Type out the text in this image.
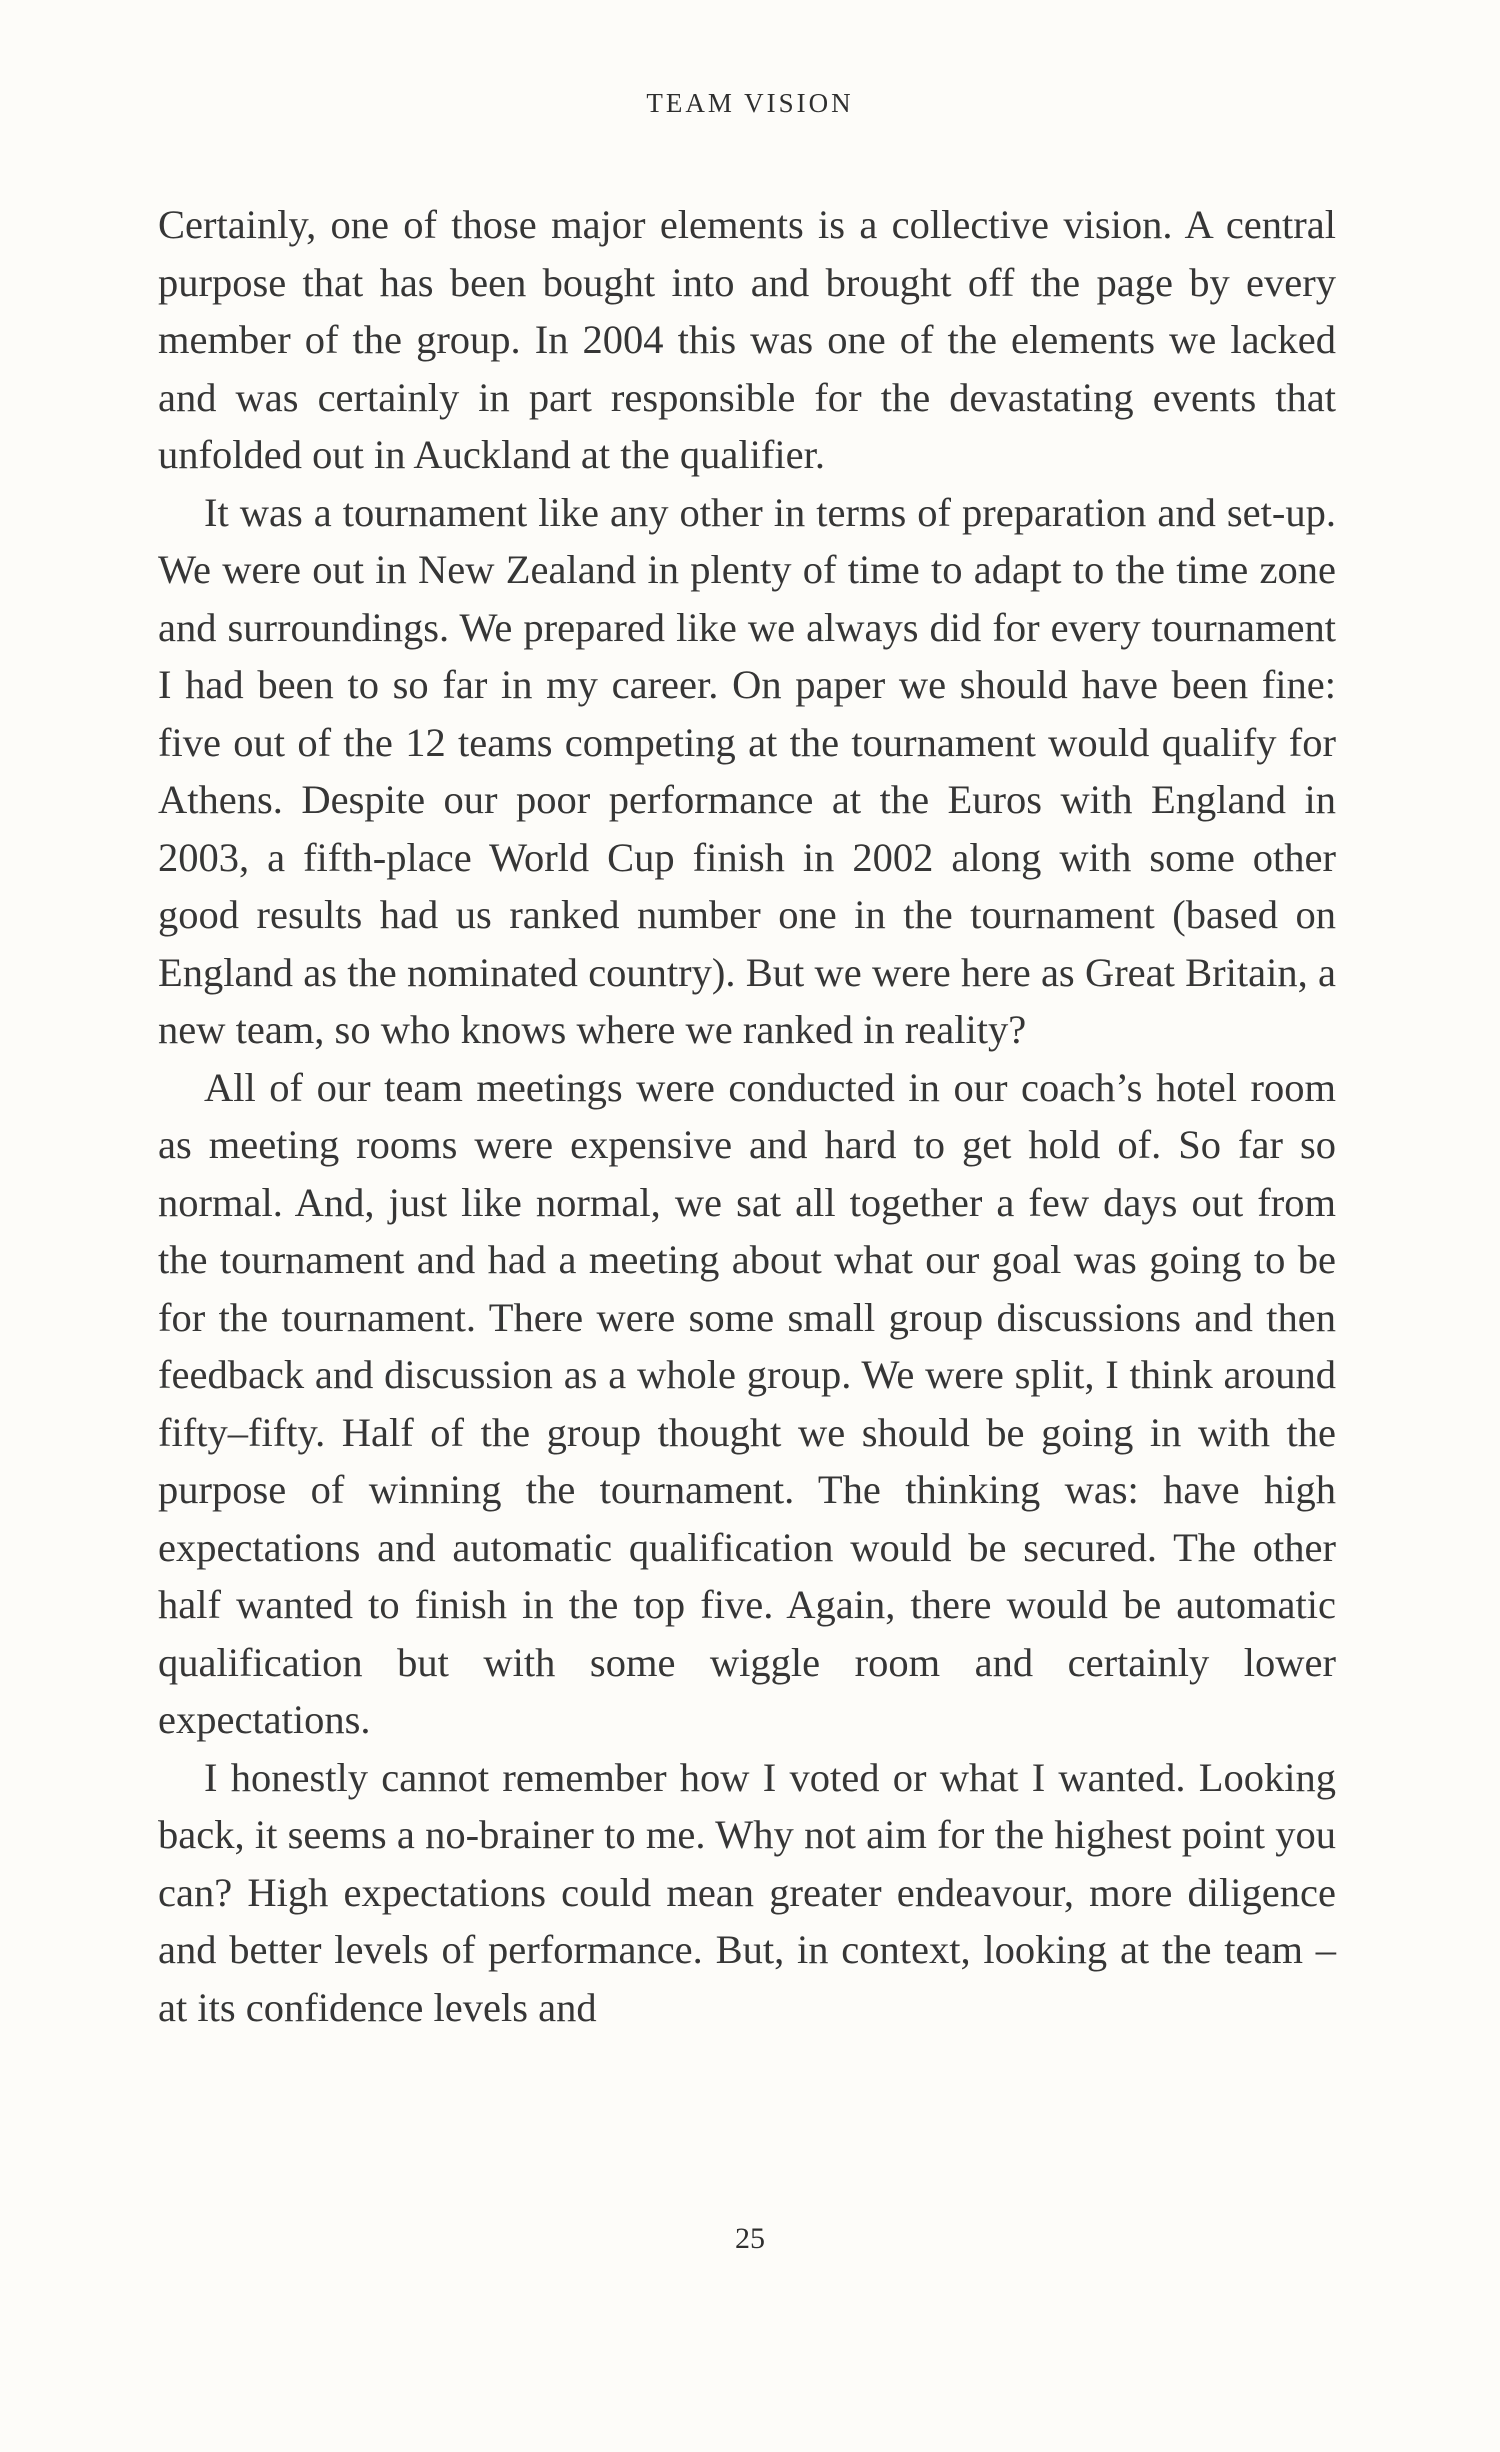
TEAM VISION

Certainly, one of those major elements is a collective vision. A central purpose that has been bought into and brought off the page by every member of the group. In 2004 this was one of the elements we lacked and was certainly in part responsible for the devastating events that unfolded out in Auckland at the qualifier.

It was a tournament like any other in terms of preparation and set-up. We were out in New Zealand in plenty of time to adapt to the time zone and surroundings. We prepared like we always did for every tournament I had been to so far in my career. On paper we should have been fine: five out of the 12 teams competing at the tournament would qualify for Athens. Despite our poor performance at the Euros with England in 2003, a fifth-place World Cup finish in 2002 along with some other good results had us ranked number one in the tournament (based on England as the nominated country). But we were here as Great Britain, a new team, so who knows where we ranked in reality?

All of our team meetings were conducted in our coach’s hotel room as meeting rooms were expensive and hard to get hold of. So far so normal. And, just like normal, we sat all together a few days out from the tournament and had a meeting about what our goal was going to be for the tournament. There were some small group discussions and then feedback and discussion as a whole group. We were split, I think around fifty–fifty. Half of the group thought we should be going in with the purpose of winning the tournament. The thinking was: have high expectations and automatic qualification would be secured. The other half wanted to finish in the top five. Again, there would be automatic qualification but with some wiggle room and certainly lower expectations.

I honestly cannot remember how I voted or what I wanted. Looking back, it seems a no-brainer to me. Why not aim for the highest point you can? High expectations could mean greater endeavour, more diligence and better levels of performance. But, in context, looking at the team – at its confidence levels and

25
